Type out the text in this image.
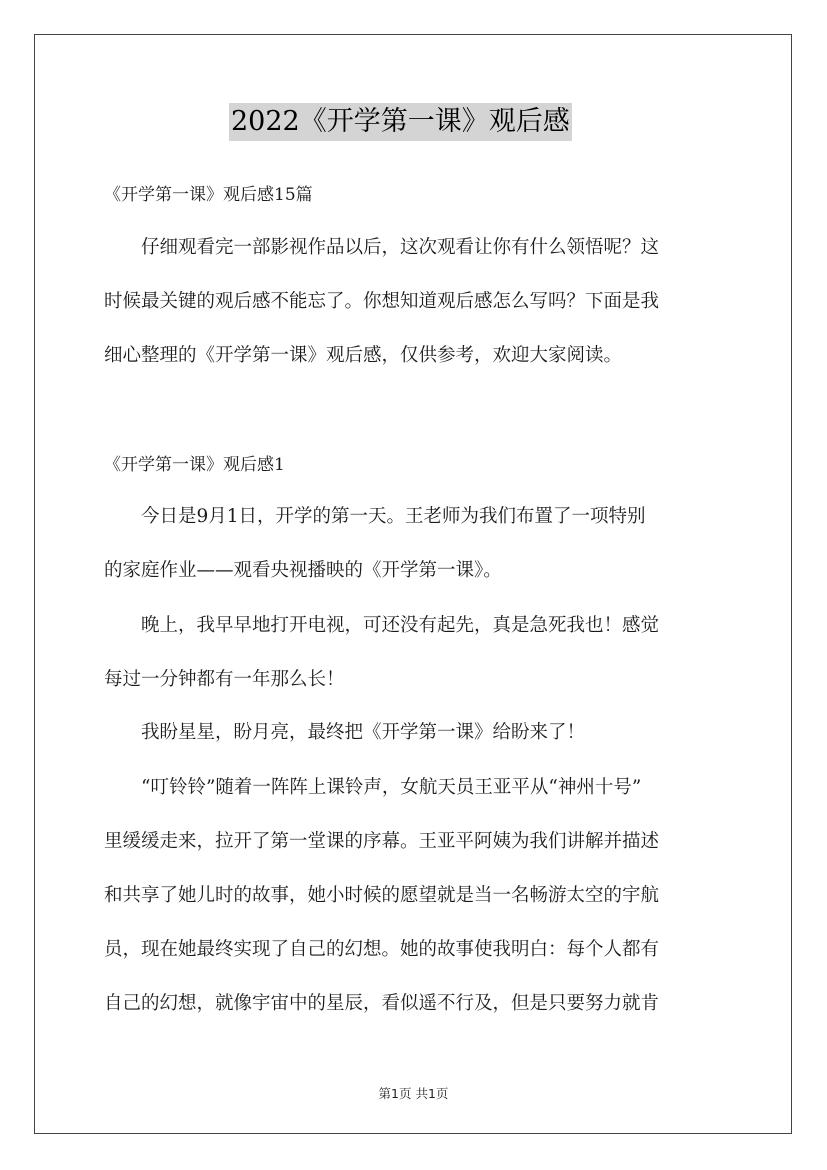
2022《开学第一课》观后感
《开学第一课》观后感15篇
仔细观看完一部影视作品以后，这次观看让你有什么领悟呢？这
时候最关键的观后感不能忘了。你想知道观后感怎么写吗？下面是我
细心整理的《开学第一课》观后感，仅供参考，欢迎大家阅读。
《开学第一课》观后感1
今日是9月1日，开学的第一天。王老师为我们布置了一项特别
的家庭作业——观看央视播映的《开学第一课》。
晚上，我早早地打开电视，可还没有起先，真是急死我也！感觉
每过一分钟都有一年那么长！
我盼星星，盼月亮，最终把《开学第一课》给盼来了！
“叮铃铃”随着一阵阵上课铃声，女航天员王亚平从“神州十号”
里缓缓走来，拉开了第一堂课的序幕。王亚平阿姨为我们讲解并描述
和共享了她儿时的故事，她小时候的愿望就是当一名畅游太空的宇航
员，现在她最终实现了自己的幻想。她的故事使我明白：每个人都有
自己的幻想，就像宇宙中的星辰，看似遥不行及，但是只要努力就肯
第1页 共1页
